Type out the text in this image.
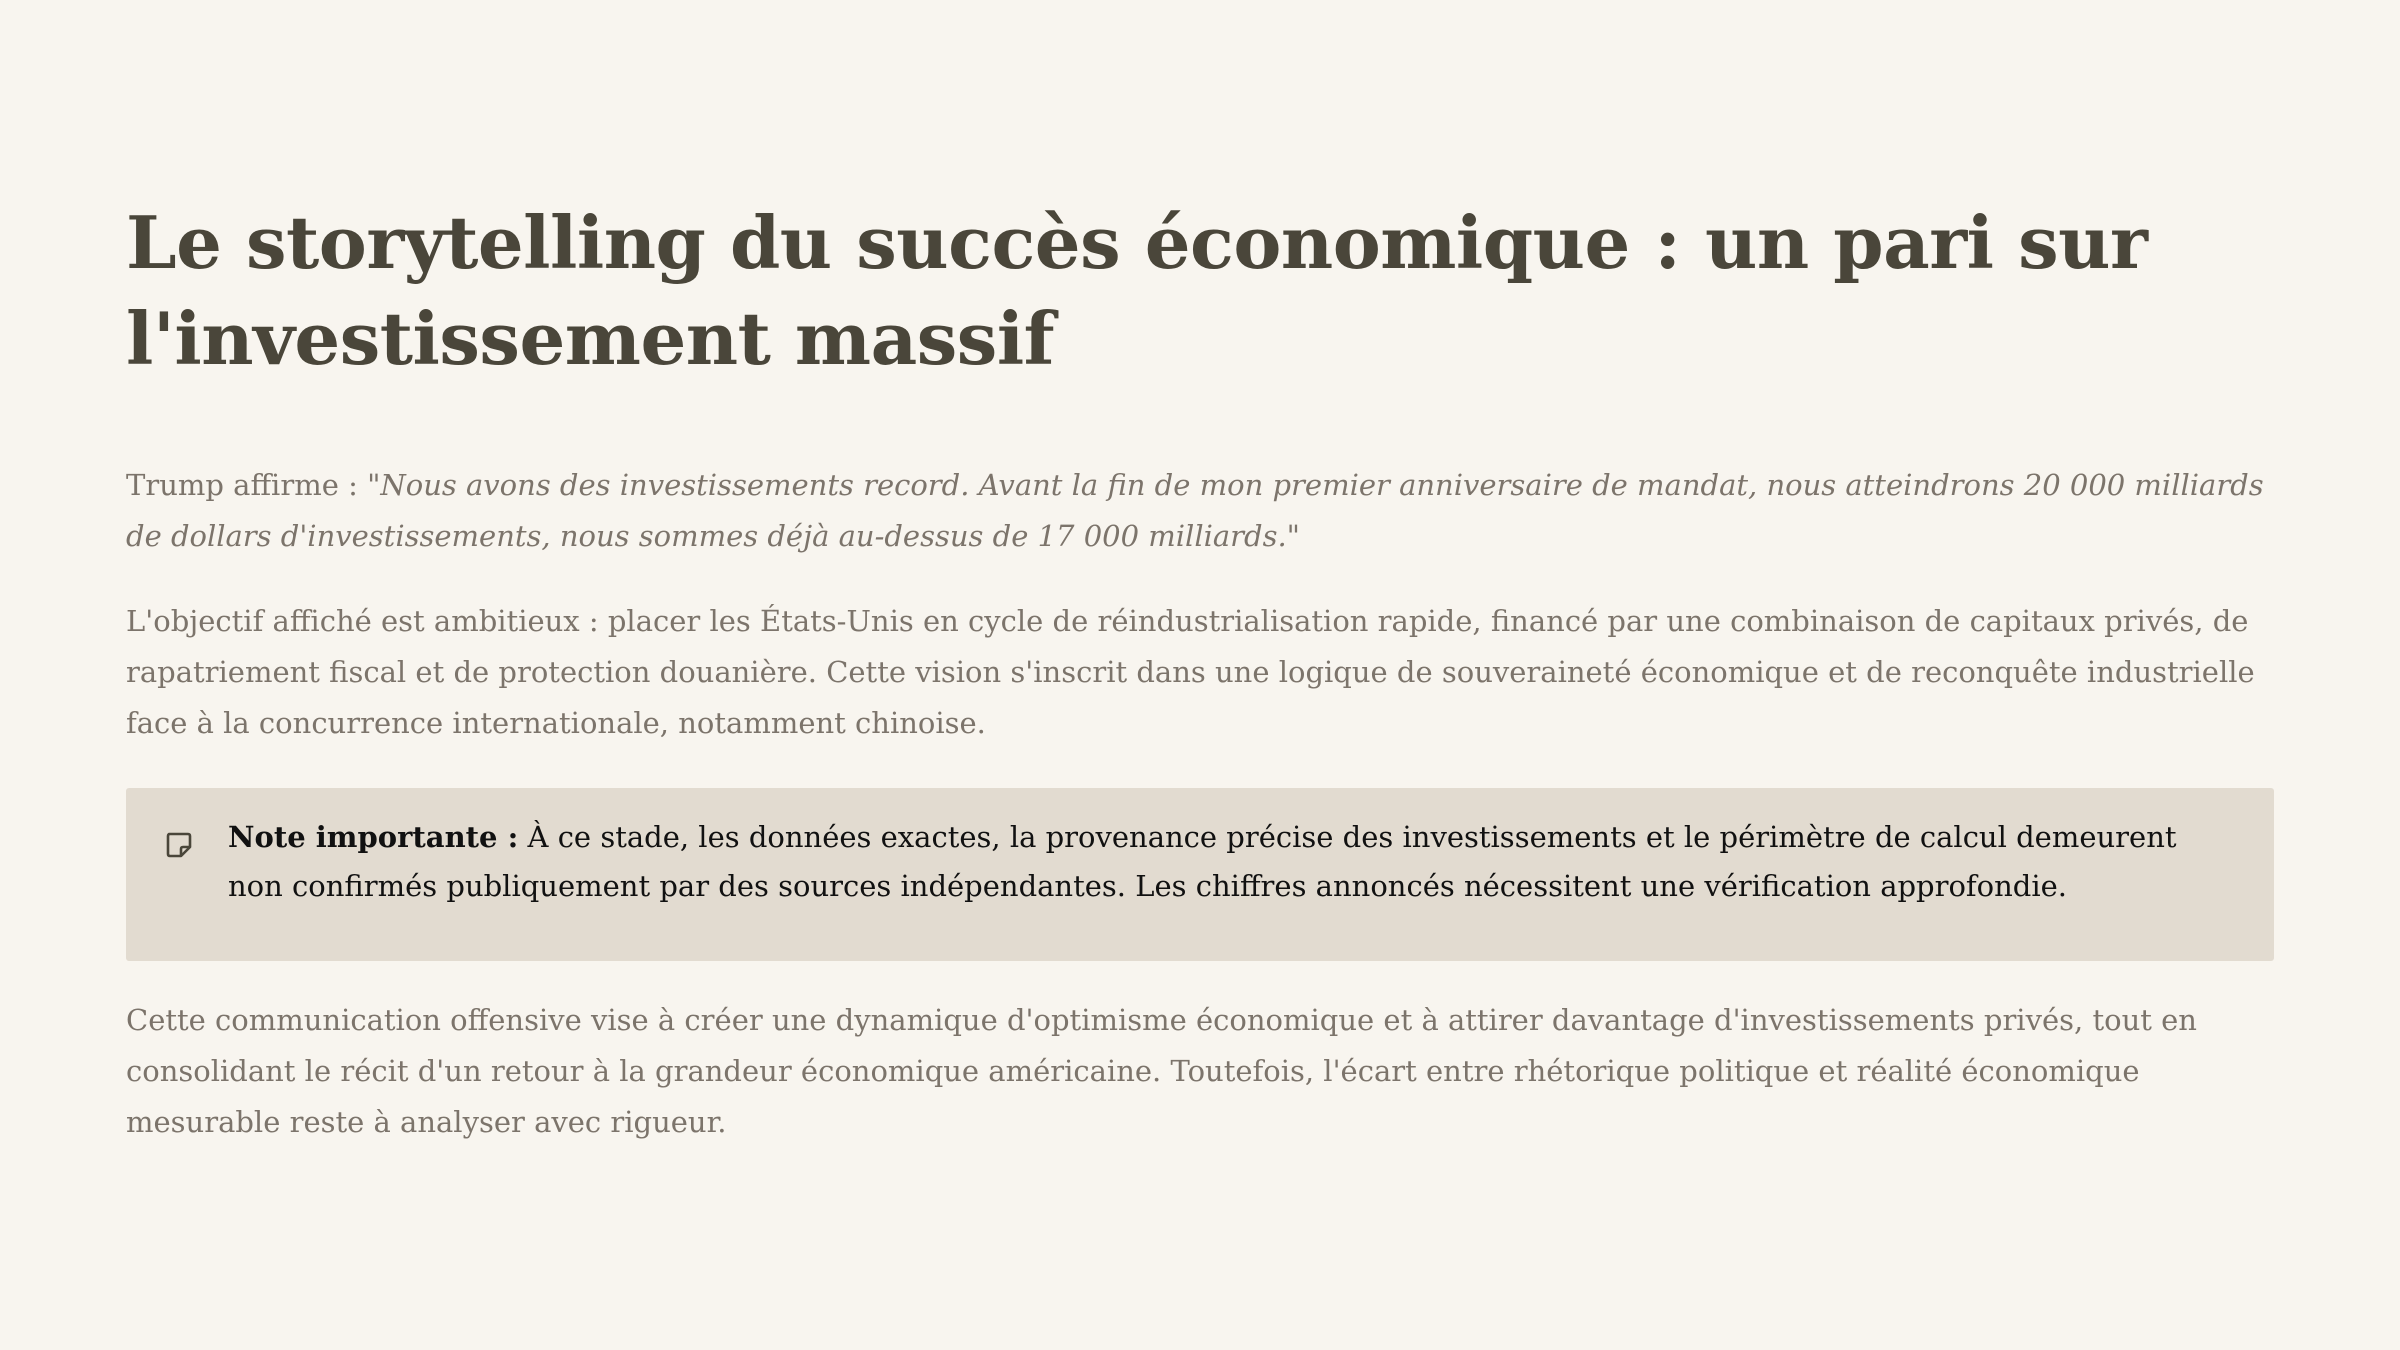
Le storytelling du succès économique : un pari sur l'investissement massif

Trump affirme : "Nous avons des investissements record. Avant la fin de mon premier anniversaire de mandat, nous atteindrons 20 000 milliards de dollars d'investissements, nous sommes déjà au-dessus de 17 000 milliards."

L'objectif affiché est ambitieux : placer les États-Unis en cycle de réindustrialisation rapide, financé par une combinaison de capitaux privés, de rapatriement fiscal et de protection douanière. Cette vision s'inscrit dans une logique de souveraineté économique et de reconquête industrielle face à la concurrence internationale, notamment chinoise.

Note importante : À ce stade, les données exactes, la provenance précise des investissements et le périmètre de calcul demeurent non confirmés publiquement par des sources indépendantes. Les chiffres annoncés nécessitent une vérification approfondie.

Cette communication offensive vise à créer une dynamique d'optimisme économique et à attirer davantage d'investissements privés, tout en consolidant le récit d'un retour à la grandeur économique américaine. Toutefois, l'écart entre rhétorique politique et réalité économique mesurable reste à analyser avec rigueur.
